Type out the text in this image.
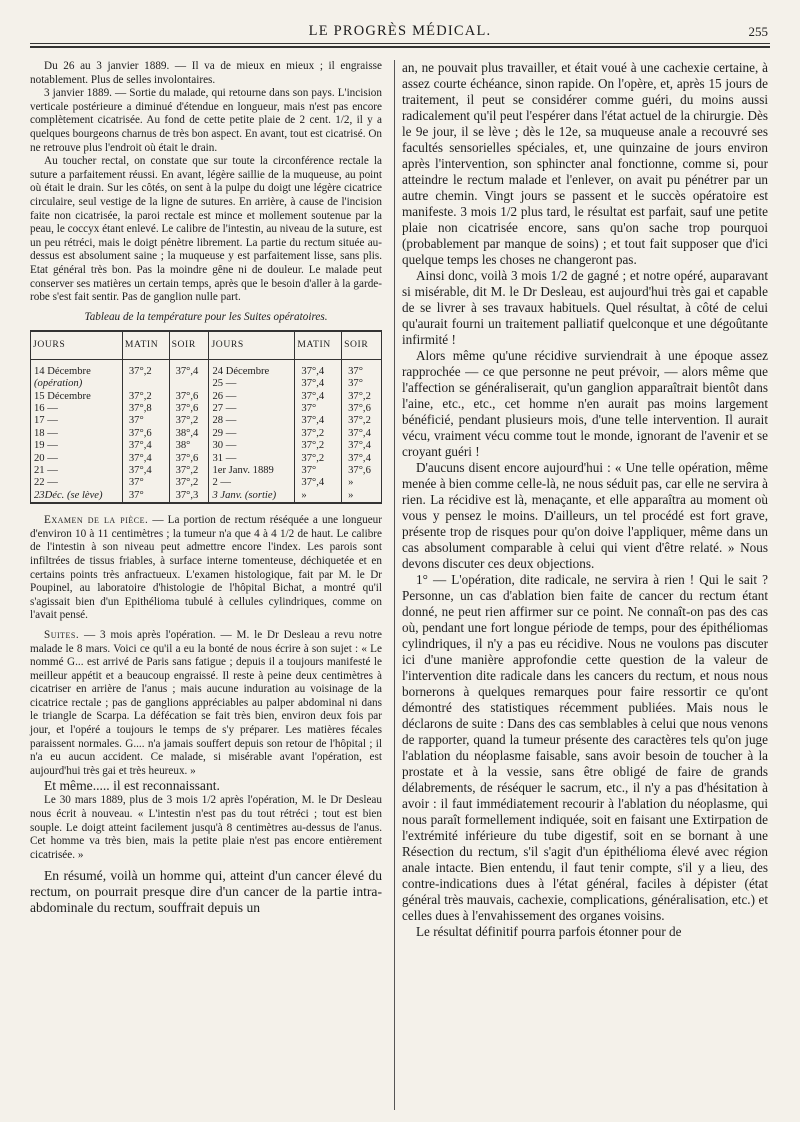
LE PROGRÈS MÉDICAL.	255

Du 26 au 3 janvier 1889. — Il va de mieux en mieux ; il engraisse notablement. Plus de selles involontaires.

3 janvier 1889. — Sortie du malade, qui retourne dans son pays. L'incision verticale postérieure a diminué d'étendue en longueur, mais n'est pas encore complètement cicatrisée. Au fond de cette petite plaie de 2 cent. 1/2, il y a quelques bourgeons charnus de très bon aspect. En avant, tout est cicatrisé. On ne retrouve plus l'endroit où était le drain.

Au toucher rectal, on constate que sur toute la circonférence rectale la suture a parfaitement réussi. En avant, légère saillie de la muqueuse, au point où était le drain. Sur les côtés, on sent à la pulpe du doigt une légère cicatrice circulaire, seul vestige de la ligne de sutures. En arrière, à cause de l'incision faite non cicatrisée, la paroi rectale est mince et mollement soutenue par la peau, le coccyx étant enlevé. Le calibre de l'intestin, au niveau de la suture, est un peu rétréci, mais le doigt pénètre librement. La partie du rectum située au-dessus est absolument saine ; la muqueuse y est parfaitement lisse, sans plis. Etat général très bon. Pas la moindre gêne ni de douleur. Le malade peut conserver ses matières un certain temps, après que le besoin d'aller à la garde-robe s'est fait sentir. Pas de ganglion nulle part.

Tableau de la température pour les Suites opératoires.

JOURS	MATIN	SOIR	JOURS	MATIN	SOIR
14 Décembre	37°,2	37°,4	24 Décembre	37°,4	37°
(opération)			25 —	37°,4	37°
15 Décembre	37°,2	37°,6	26 —	37°,4	37°,2
16 —	37°,8	37°,6	27 —	37°	37°,6
17 —	37°	37°,2	28 —	37°,4	37°,2
18 —	37°,6	38°,4	29 —	37°,2	37°,4
19 —	37°,4	38°	30 —	37°,2	37°,4
20 —	37°,4	37°,6	31 —	37°,2	37°,4
21 —	37°,4	37°,2	1er Janv. 1889	37°	37°,6
22 —	37°	37°,2	2 —	37°,4	»
23Déc. (se lève)	37°	37°,3	3 Janv. (sortie)	»	»

Examen de la pièce. — La portion de rectum réséquée a une longueur d'environ 10 à 11 centimètres ; la tumeur n'a que 4 à 4 1/2 de haut. Le calibre de l'intestin à son niveau peut admettre encore l'index. Les parois sont infiltrées de tissus friables, à surface interne tomenteuse, déchiquetée et en certains points très anfractueux. L'examen histologique, fait par M. le Dr Poupinel, au laboratoire d'histologie de l'hôpital Bichat, a montré qu'il s'agissait bien d'un Epithélioma tubulé à cellules cylindriques, comme on l'avait pensé.

Suites. — 3 mois après l'opération. — M. le Dr Desleau a revu notre malade le 8 mars. Voici ce qu'il a eu la bonté de nous écrire à son sujet : « Le nommé G... est arrivé de Paris sans fatigue ; depuis il a toujours manifesté le meilleur appétit et a beaucoup engraissé. Il reste à peine deux centimètres à cicatriser en arrière de l'anus ; mais aucune induration au voisinage de la cicatrice rectale ; pas de ganglions appréciables au palper abdominal ni dans le triangle de Scarpa. La défécation se fait très bien, environ deux fois par jour, et l'opéré a toujours le temps de s'y préparer. Les matières fécales paraissent normales. G.... n'a jamais souffert depuis son retour de l'hôpital ; il n'a eu aucun accident. Ce malade, si misérable avant l'opération, est aujourd'hui très gai et très heureux. »

Et même..... il est reconnaissant.

Le 30 mars 1889, plus de 3 mois 1/2 après l'opération, M. le Dr Desleau nous écrit à nouveau. « L'intestin n'est pas du tout rétréci ; tout est bien souple. Le doigt atteint facilement jusqu'à 8 centimètres au-dessus de l'anus. Cet homme va très bien, mais la petite plaie n'est pas encore entièrement cicatrisée. »

En résumé, voilà un homme qui, atteint d'un cancer élevé du rectum, on pourrait presque dire d'un cancer de la partie intra-abdominale du rectum, souffrait depuis un

an, ne pouvait plus travailler, et était voué à une cachexie certaine, à assez courte échéance, sinon rapide. On l'opère, et, après 15 jours de traitement, il peut se considérer comme guéri, du moins aussi radicalement qu'il peut l'espérer dans l'état actuel de la chirurgie. Dès le 9e jour, il se lève ; dès le 12e, sa muqueuse anale a recouvré ses facultés sensorielles spéciales, et, une quinzaine de jours environ après l'intervention, son sphincter anal fonctionne, comme si, pour atteindre le rectum malade et l'enlever, on avait pu pénétrer par un autre chemin. Vingt jours se passent et le succès opératoire est manifeste. 3 mois 1/2 plus tard, le résultat est parfait, sauf une petite plaie non cicatrisée encore, sans qu'on sache trop pourquoi (probablement par manque de soins) ; et tout fait supposer que d'ici quelque temps les choses ne changeront pas.

Ainsi donc, voilà 3 mois 1/2 de gagné ; et notre opéré, auparavant si misérable, dit M. le Dr Desleau, est aujourd'hui très gai et capable de se livrer à ses travaux habituels. Quel résultat, à côté de celui qu'aurait fourni un traitement palliatif quelconque et une dégoûtante infirmité !

Alors même qu'une récidive surviendrait à une époque assez rapprochée — ce que personne ne peut prévoir, — alors même que l'affection se généraliserait, qu'un ganglion apparaîtrait bientôt dans l'aine, etc., etc., cet homme n'en aurait pas moins largement bénéficié, pendant plusieurs mois, d'une telle intervention. Il aurait vécu, vraiment vécu comme tout le monde, ignorant de l'avenir et se croyant guéri !

D'aucuns disent encore aujourd'hui : « Une telle opération, même menée à bien comme celle-là, ne nous séduit pas, car elle ne servira à rien. La récidive est là, menaçante, et elle apparaîtra au moment où vous y pensez le moins. D'ailleurs, un tel procédé est fort grave, présente trop de risques pour qu'on doive l'appliquer, même dans un cas absolument comparable à celui qui vient d'être relaté. » Nous devons discuter ces deux objections.

1° — L'opération, dite radicale, ne servira à rien ! Qui le sait ? Personne, un cas d'ablation bien faite de cancer du rectum étant donné, ne peut rien affirmer sur ce point. Ne connaît-on pas des cas où, pendant une fort longue période de temps, pour des épithéliomas cylindriques, il n'y a pas eu récidive. Nous ne voulons pas discuter ici d'une manière approfondie cette question de la valeur de l'intervention dite radicale dans les cancers du rectum, et nous nous bornerons à quelques remarques pour faire ressortir ce qu'ont démontré des statistiques récemment publiées. Mais nous le déclarons de suite : Dans des cas semblables à celui que nous venons de rapporter, quand la tumeur présente des caractères tels qu'on juge l'ablation du néoplasme faisable, sans avoir besoin de toucher à la prostate et à la vessie, sans être obligé de faire de grands délabrements, de réséquer le sacrum, etc., il n'y a pas d'hésitation à avoir : il faut immédiatement recourir à l'ablation du néoplasme, qui nous paraît formellement indiquée, soit en faisant une Extirpation de l'extrémité inférieure du tube digestif, soit en se bornant à une Résection du rectum, s'il s'agit d'un épithélioma élevé avec région anale intacte. Bien entendu, il faut tenir compte, s'il y a lieu, des contre-indications dues à l'état général, faciles à dépister (état général très mauvais, cachexie, complications, généralisation, etc.) et celles dues à l'envahissement des organes voisins.

Le résultat définitif pourra parfois étonner pour de
